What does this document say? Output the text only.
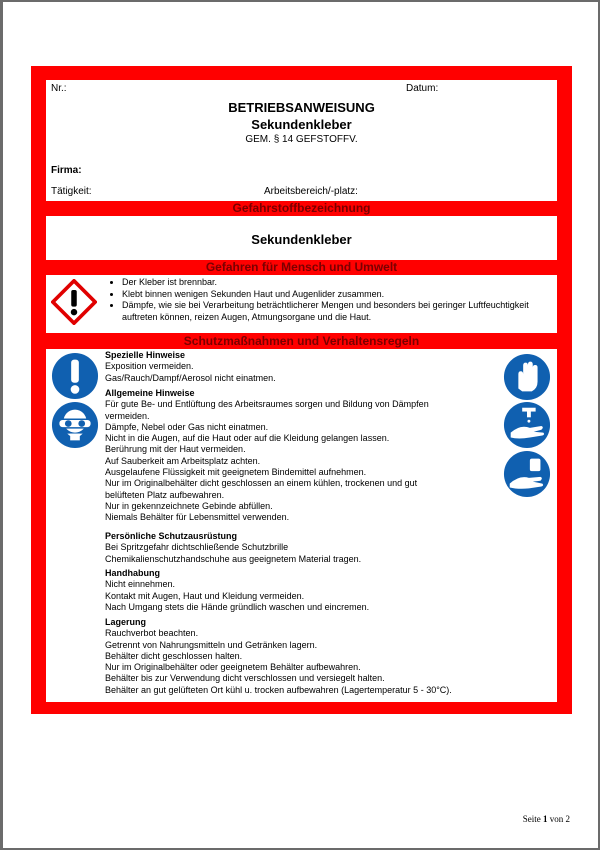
Nr.:	Datum:
BETRIEBSANWEISUNG
Sekundenkleber
GEM. § 14 GEFSTOFFV.
Firma:
Tätigkeit:	Arbeitsbereich/-platz:
Gefahrstoffbezeichnung
Sekundenkleber
Gefahren für Mensch und Umwelt
• Der Kleber ist brennbar.
• Klebt binnen wenigen Sekunden Haut und Augenlider zusammen.
• Dämpfe, wie sie bei Verarbeitung beträchtlicherer Mengen und besonders bei geringer Luftfeuchtigkeit auftreten können, reizen Augen, Atmungsorgane und die Haut.
Schutzmaßnahmen und Verhaltensregeln
Spezielle Hinweise
Exposition vermeiden.
Gas/Rauch/Dampf/Aerosol nicht einatmen.
Allgemeine Hinweise
Für gute Be- und Entlüftung des Arbeitsraumes sorgen und Bildung von Dämpfen
vermeiden.
Dämpfe, Nebel oder Gas nicht einatmen.
Nicht in die Augen, auf die Haut oder auf die Kleidung gelangen lassen.
Berührung mit der Haut vermeiden.
Auf Sauberkeit am Arbeitsplatz achten.
Ausgelaufene Flüssigkeit mit geeignetem Bindemittel aufnehmen.
Nur im Originalbehälter dicht geschlossen an einem kühlen, trockenen und gut
belüfteten Platz aufbewahren.
Nur in gekennzeichnete Gebinde abfüllen.
Niemals Behälter für Lebensmittel verwenden.
Persönliche Schutzausrüstung
Bei Spritzgefahr dichtschließende Schutzbrille
Chemikalienschutzhandschuhe aus geeignetem Material tragen.
Handhabung
Nicht einnehmen.
Kontakt mit Augen, Haut und Kleidung vermeiden.
Nach Umgang stets die Hände gründlich waschen und eincremen.
Lagerung
Rauchverbot beachten.
Getrennt von Nahrungsmitteln und Getränken lagern.
Behälter dicht geschlossen halten.
Nur im Originalbehälter oder geeignetem Behälter aufbewahren.
Behälter bis zur Verwendung dicht verschlossen und versiegelt halten.
Behälter an gut gelüfteten Ort kühl u. trocken aufbewahren (Lagertemperatur 5 - 30°C).
Seite 1 von 2
